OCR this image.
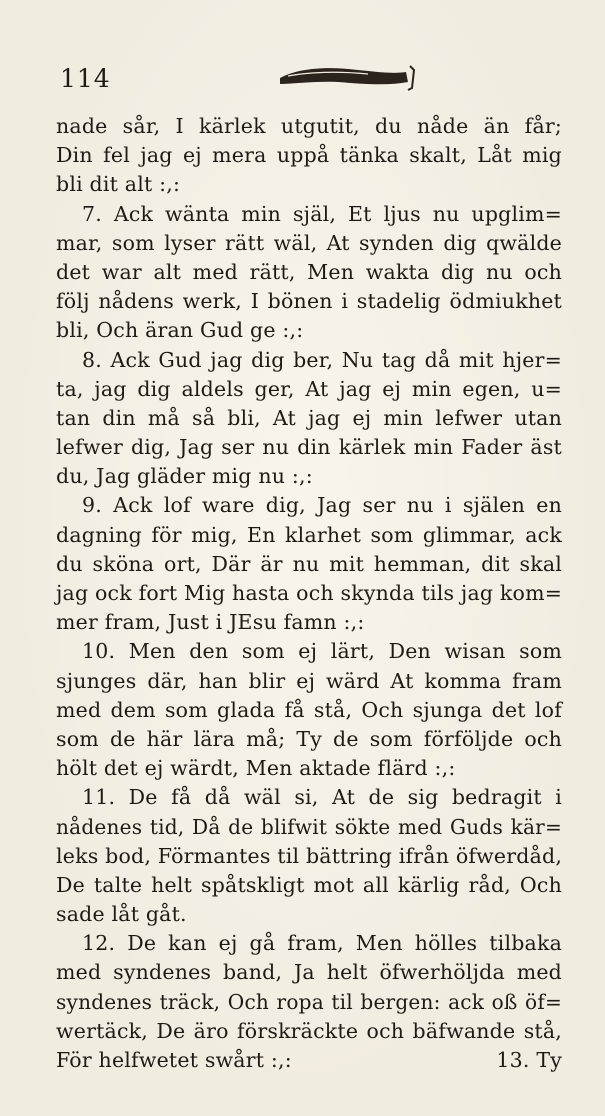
114
nade sår, I kärlek utgutit, du nåde än får;
Din fel jag ej mera uppå tänka skalt, Låt mig
bli dit alt :,:
7. Ack wänta min själ, Et ljus nu upglim=
mar, som lyser rätt wäl, At synden dig qwälde
det war alt med rätt, Men wakta dig nu och
följ nådens werk, I bönen i stadelig ödmiukhet
bli, Och äran Gud ge :,:
8. Ack Gud jag dig ber, Nu tag då mit hjer=
ta, jag dig aldels ger, At jag ej min egen, u=
tan din må så bli, At jag ej min lefwer utan
lefwer dig, Jag ser nu din kärlek min Fader äst
du, Jag gläder mig nu :,:
9. Ack lof ware dig, Jag ser nu i själen en
dagning för mig, En klarhet som glimmar, ack
du sköna ort, Där är nu mit hemman, dit skal
jag ock fort Mig hasta och skynda tils jag kom=
mer fram, Just i JEsu famn :,:
10. Men den som ej lärt, Den wisan som
sjunges där, han blir ej wärd At komma fram
med dem som glada få stå, Och sjunga det lof
som de här lära må; Ty de som förföljde och
hölt det ej wärdt, Men aktade flärd :,:
11. De få då wäl si, At de sig bedragit i
nådenes tid, Då de blifwit sökte med Guds kär=
leks bod, Förmantes til bättring ifrån öfwerdåd,
De talte helt spåtskligt mot all kärlig råd, Och
sade låt gåt.
12. De kan ej gå fram, Men hölles tilbaka
med syndenes band, Ja helt öfwerhöljda med
syndenes träck, Och ropa til bergen: ack oß öf=
wertäck, De äro förskräckte och bäfwande stå,
För helfwetet swårt :,:	13. Ty
